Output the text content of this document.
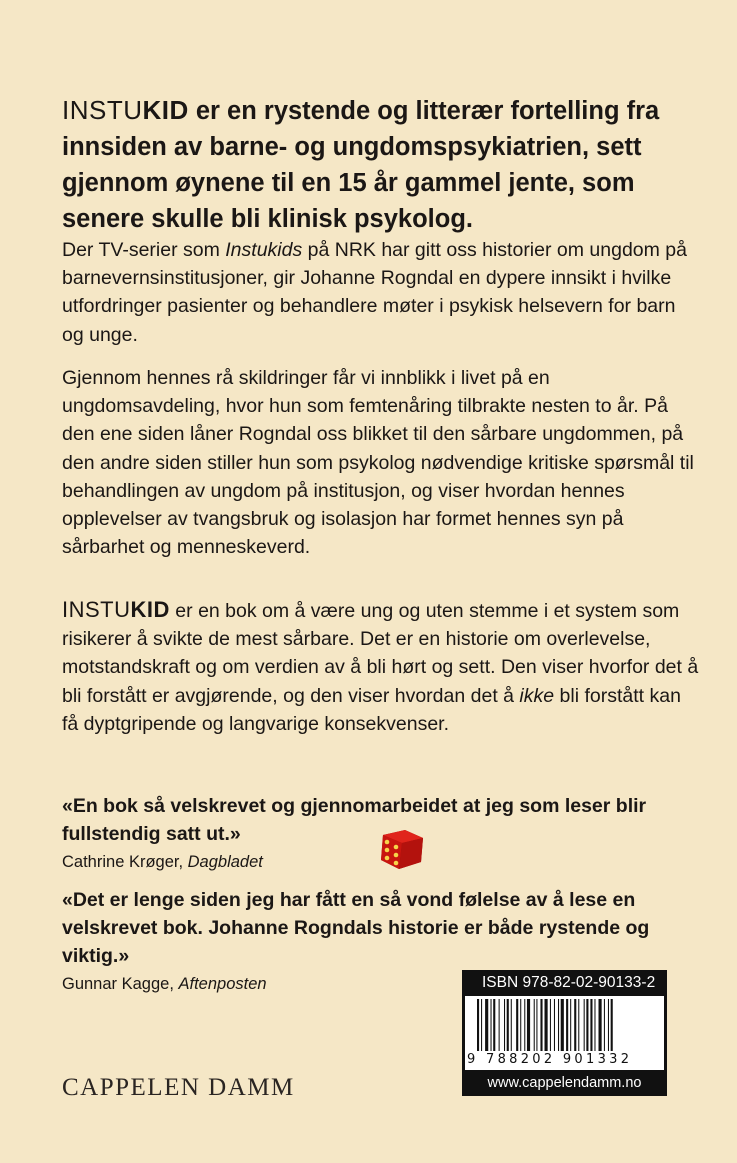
INSTUKID er en rystende og litterær fortelling fra innsiden av barne- og ungdomspsykiatrien, sett gjennom øynene til en 15 år gammel jente, som senere skulle bli klinisk psykolog.

Der TV-serier som Instukids på NRK har gitt oss historier om ungdom på barnevernsinstitusjoner, gir Johanne Rogndal en dypere innsikt i hvilke utfordringer pasienter og behandlere møter i psykisk helsevern for barn og unge.

Gjennom hennes rå skildringer får vi innblikk i livet på en ungdomsavdeling, hvor hun som femtenåring tilbrakte nesten to år. På den ene siden låner Rogndal oss blikket til den sårbare ungdommen, på den andre siden stiller hun som psykolog nødvendige kritiske spørsmål til behandlingen av ungdom på institusjon, og viser hvordan hennes opplevelser av tvangsbruk og isolasjon har formet hennes syn på sårbarhet og menneskeverd.

INSTUKID er en bok om å være ung og uten stemme i et system som risikerer å svikte de mest sårbare. Det er en historie om overlevelse, motstandskraft og om verdien av å bli hørt og sett. Den viser hvorfor det å bli forstått er avgjørende, og den viser hvordan det å ikke bli forstått kan få dyptgripende og langvarige konsekvenser.

«En bok så velskrevet og gjennomarbeidet at jeg som leser blir fullstendig satt ut.»

Cathrine Krøger, Dagbladet

«Det er lenge siden jeg har fått en så vond følelse av å lese en velskrevet bok. Johanne Rogndals historie er både rystende og viktig.»

Gunnar Kagge, Aftenposten

CAPPELEN DAMM
ISBN 978-82-02-90133-2
9 788202 901332
www.cappelendamm.no
